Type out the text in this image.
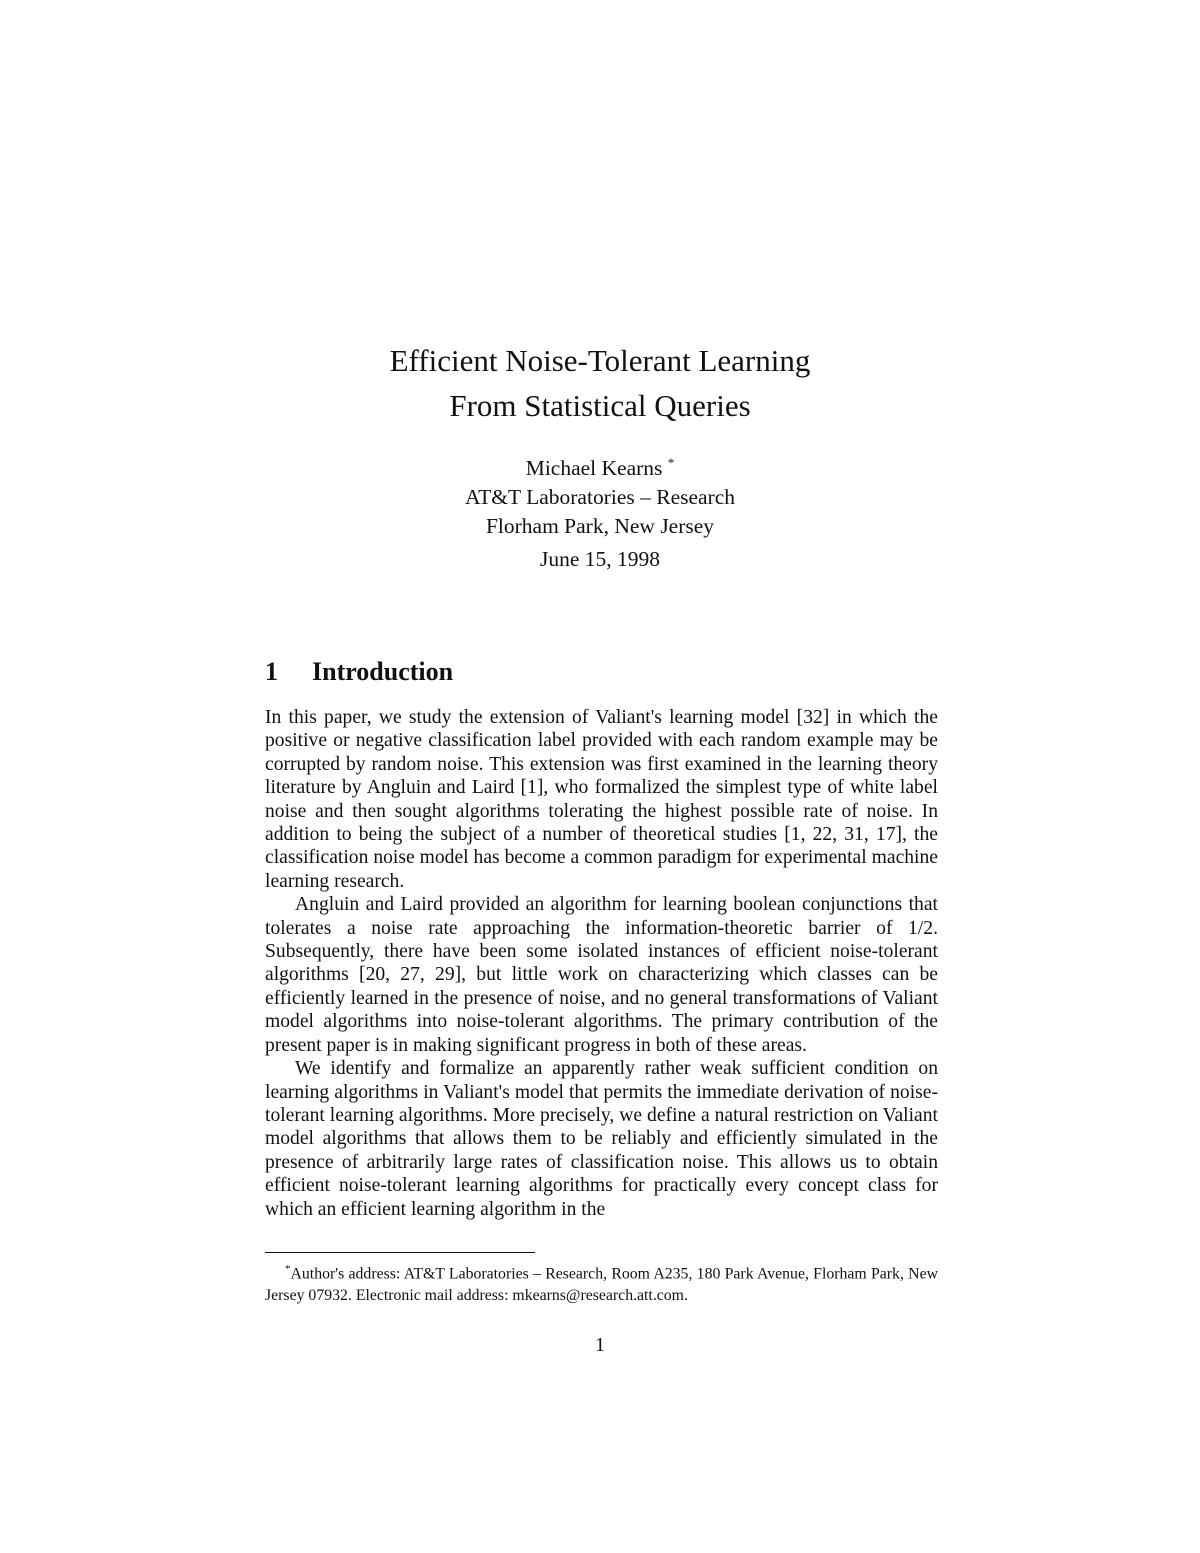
Efficient Noise-Tolerant Learning
From Statistical Queries
Michael Kearns *
AT&T Laboratories – Research
Florham Park, New Jersey
June 15, 1998
1 Introduction

In this paper, we study the extension of Valiant's learning model [32] in which the positive or negative classification label provided with each random example may be corrupted by random noise. This extension was first examined in the learning theory literature by Angluin and Laird [1], who formalized the simplest type of white label noise and then sought algorithms tolerating the highest possible rate of noise. In addition to being the subject of a number of theoretical studies [1, 22, 31, 17], the classification noise model has become a common paradigm for experimental machine learning research.

Angluin and Laird provided an algorithm for learning boolean conjunctions that tolerates a noise rate approaching the information-theoretic barrier of 1/2. Subsequently, there have been some isolated instances of efficient noise-tolerant algorithms [20, 27, 29], but little work on characterizing which classes can be efficiently learned in the presence of noise, and no general transformations of Valiant model algorithms into noise-tolerant algorithms. The primary contribution of the present paper is in making significant progress in both of these areas.

We identify and formalize an apparently rather weak sufficient condition on learning algorithms in Valiant's model that permits the immediate derivation of noise-tolerant learning algorithms. More precisely, we define a natural restriction on Valiant model algorithms that allows them to be reliably and efficiently simulated in the presence of arbitrarily large rates of classification noise. This allows us to obtain efficient noise-tolerant learning algorithms for practically every concept class for which an efficient learning algorithm in the

*Author's address: AT&T Laboratories – Research, Room A235, 180 Park Avenue, Florham Park, New Jersey 07932. Electronic mail address: mkearns@research.att.com.
1
